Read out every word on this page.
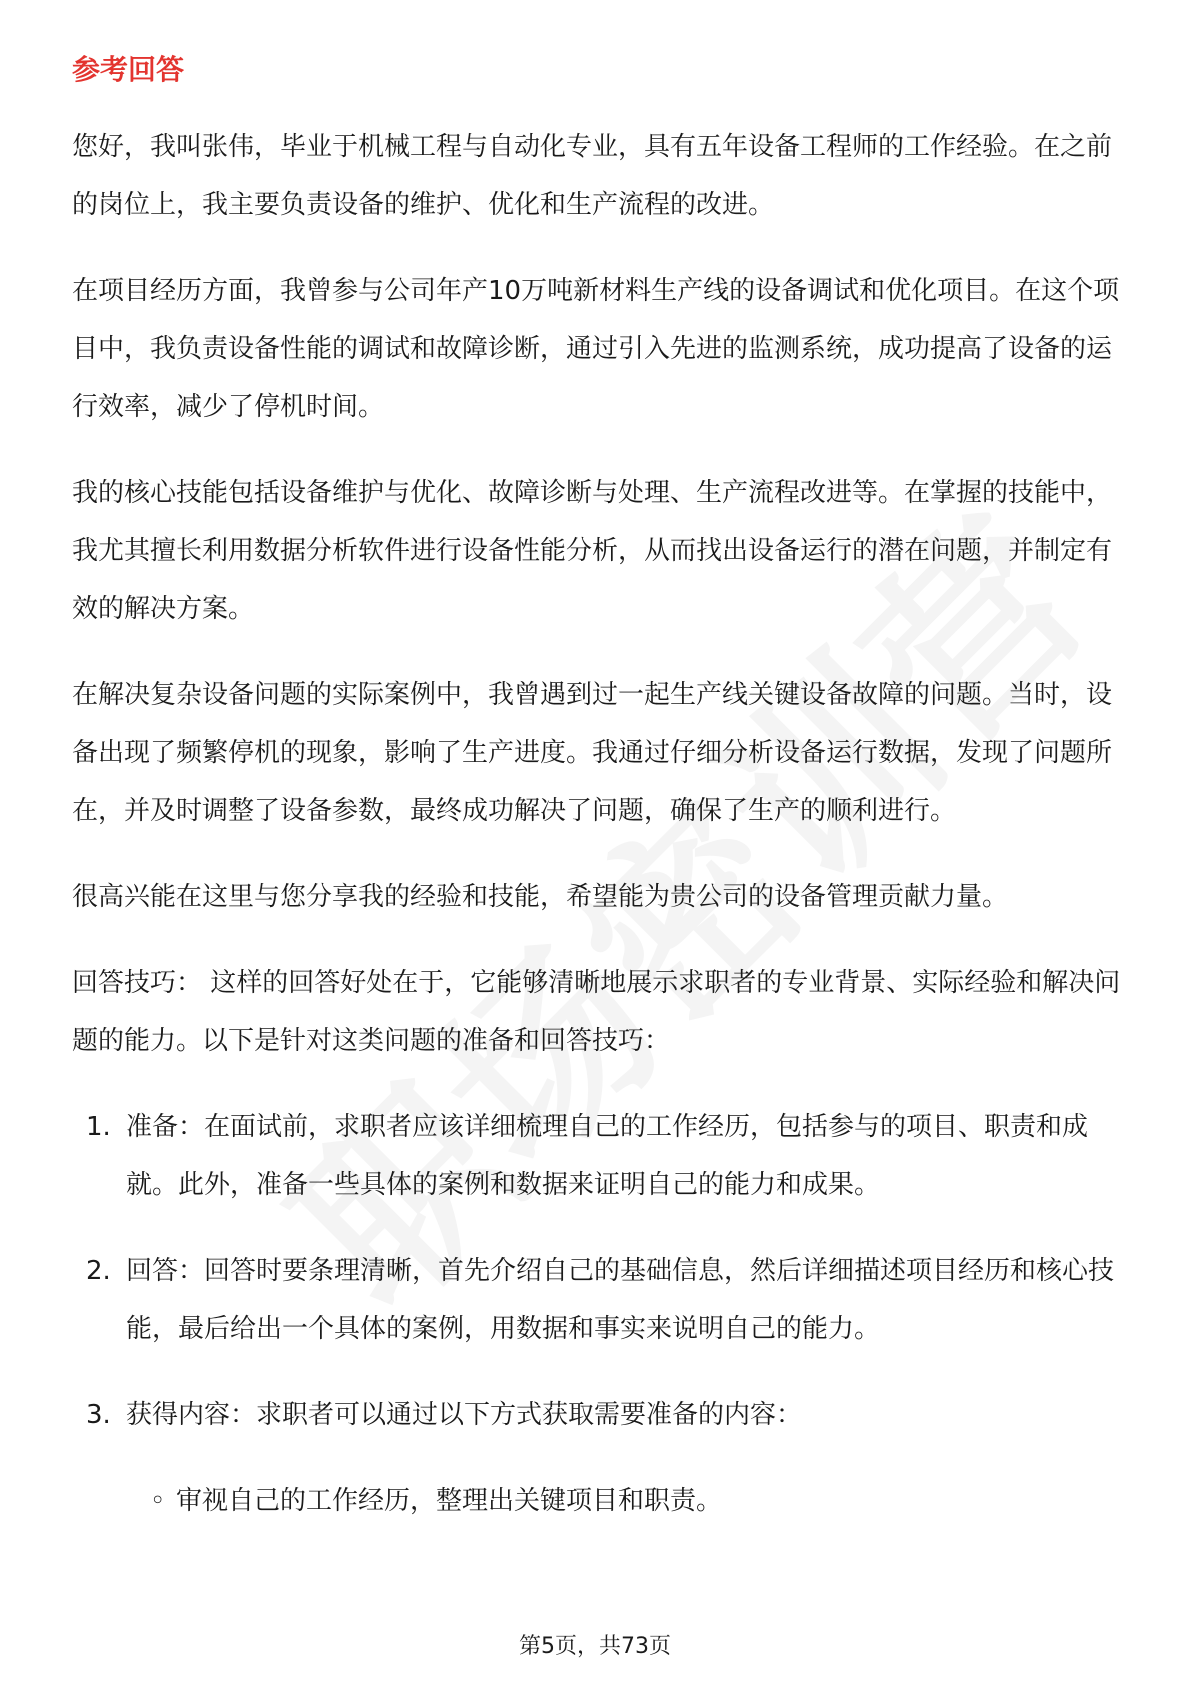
参考回答

您好，我叫张伟，毕业于机械工程与自动化专业，具有五年设备工程师的工作经验。在之前的岗位上，我主要负责设备的维护、优化和生产流程的改进。

在项目经历方面，我曾参与公司年产10万吨新材料生产线的设备调试和优化项目。在这个项目中，我负责设备性能的调试和故障诊断，通过引入先进的监测系统，成功提高了设备的运行效率，减少了停机时间。

我的核心技能包括设备维护与优化、故障诊断与处理、生产流程改进等。在掌握的技能中，我尤其擅长利用数据分析软件进行设备性能分析，从而找出设备运行的潜在问题，并制定有效的解决方案。

在解决复杂设备问题的实际案例中，我曾遇到过一起生产线关键设备故障的问题。当时，设备出现了频繁停机的现象，影响了生产进度。我通过仔细分析设备运行数据，发现了问题所在，并及时调整了设备参数，最终成功解决了问题，确保了生产的顺利进行。

很高兴能在这里与您分享我的经验和技能，希望能为贵公司的设备管理贡献力量。

回答技巧： 这样的回答好处在于，它能够清晰地展示求职者的专业背景、实际经验和解决问题的能力。以下是针对这类问题的准备和回答技巧：

1. 准备：在面试前，求职者应该详细梳理自己的工作经历，包括参与的项目、职责和成就。此外，准备一些具体的案例和数据来证明自己的能力和成果。
2. 回答：回答时要条理清晰，首先介绍自己的基础信息，然后详细描述项目经历和核心技能，最后给出一个具体的案例，用数据和事实来说明自己的能力。
3. 获得内容：求职者可以通过以下方式获取需要准备的内容：
◦ 审视自己的工作经历，整理出关键项目和职责。
第5页，共73页
